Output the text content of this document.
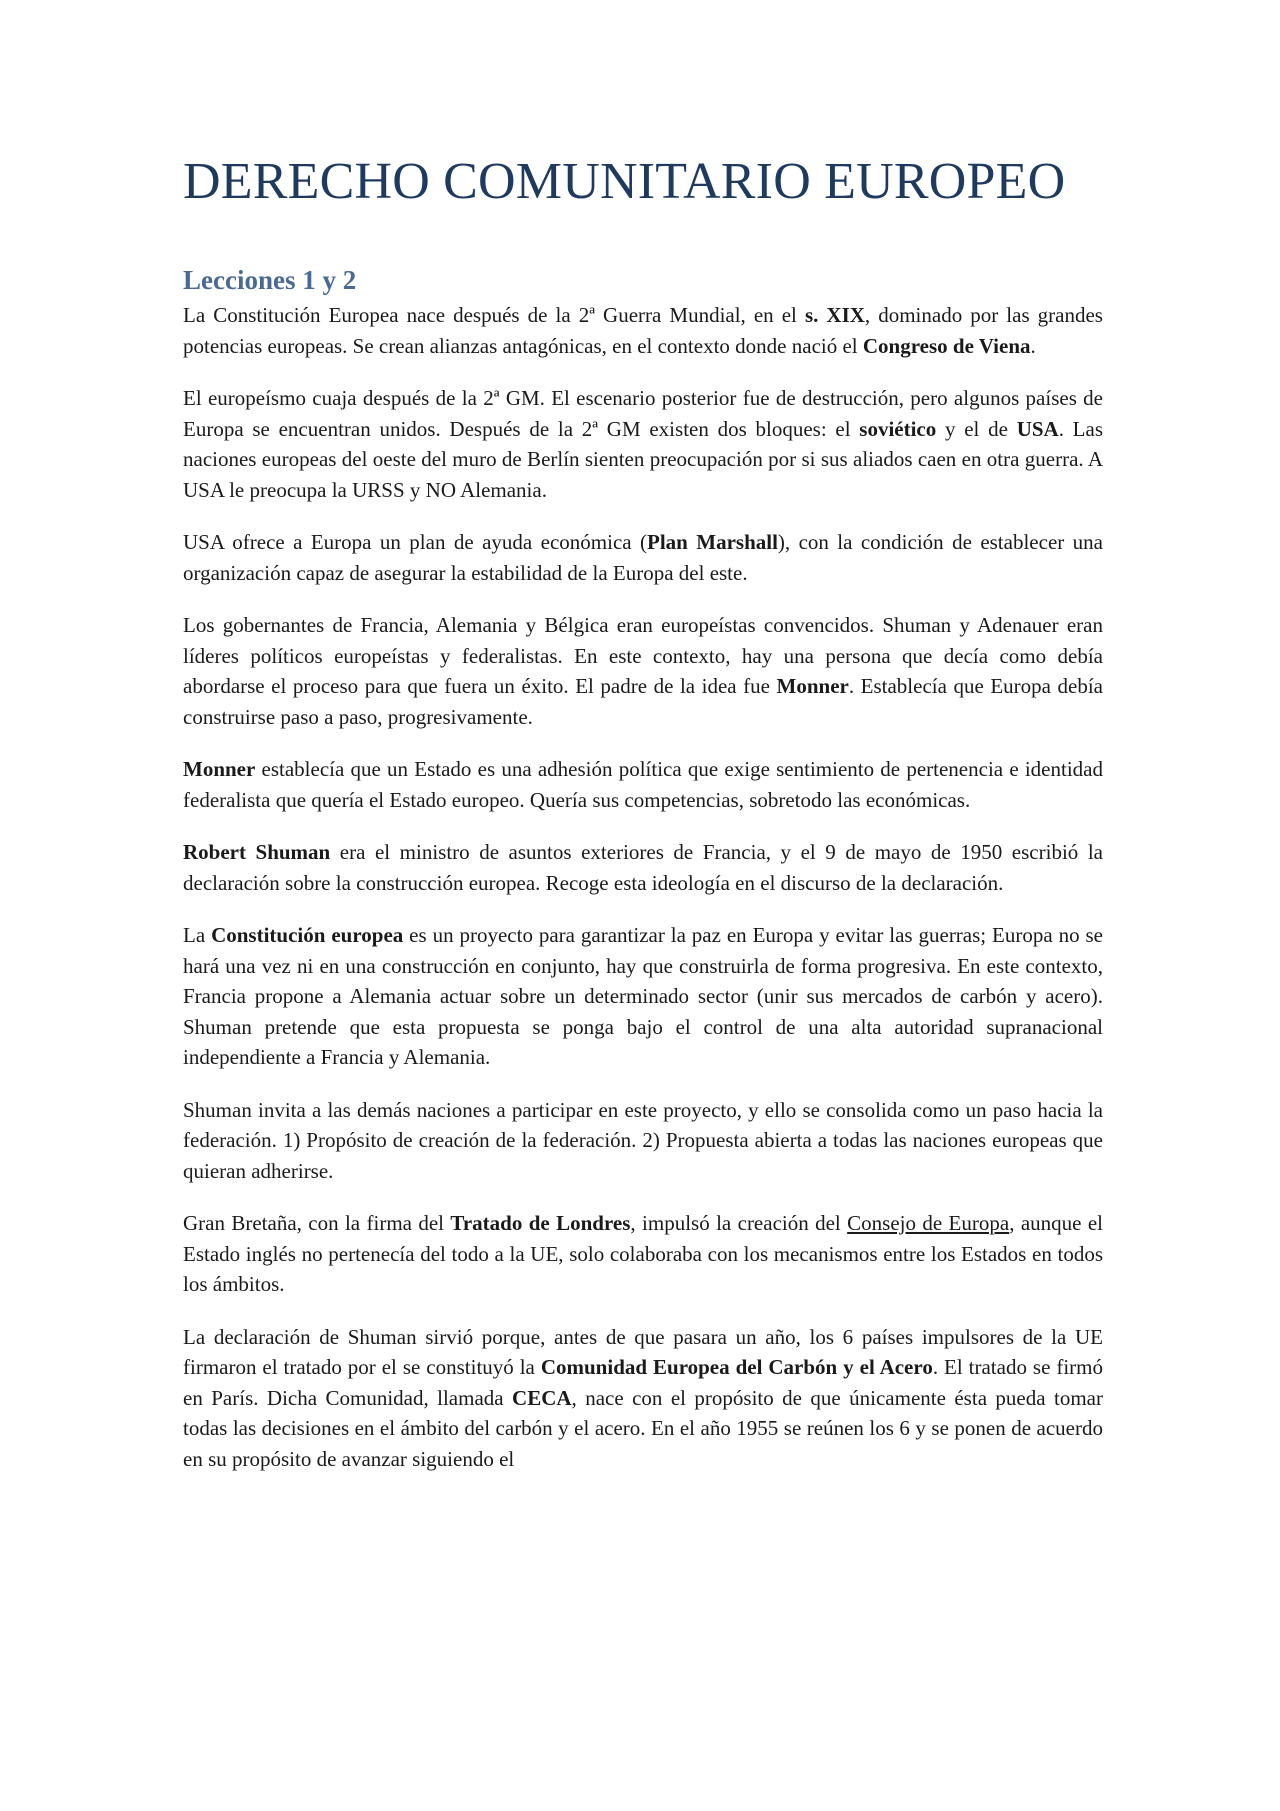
DERECHO COMUNITARIO EUROPEO
Lecciones 1 y 2

La Constitución Europea nace después de la 2ª Guerra Mundial, en el s. XIX, dominado por las grandes potencias europeas. Se crean alianzas antagónicas, en el contexto donde nació el Congreso de Viena.

El europeísmo cuaja después de la 2ª GM. El escenario posterior fue de destrucción, pero algunos países de Europa se encuentran unidos. Después de la 2ª GM existen dos bloques: el soviético y el de USA. Las naciones europeas del oeste del muro de Berlín sienten preocupación por si sus aliados caen en otra guerra. A USA le preocupa la URSS y NO Alemania.

USA ofrece a Europa un plan de ayuda económica (Plan Marshall), con la condición de establecer una organización capaz de asegurar la estabilidad de la Europa del este.

Los gobernantes de Francia, Alemania y Bélgica eran europeístas convencidos. Shuman y Adenauer eran líderes políticos europeístas y federalistas. En este contexto, hay una persona que decía como debía abordarse el proceso para que fuera un éxito. El padre de la idea fue Monner. Establecía que Europa debía construirse paso a paso, progresivamente.

Monner establecía que un Estado es una adhesión política que exige sentimiento de pertenencia e identidad federalista que quería el Estado europeo. Quería sus competencias, sobretodo las económicas.

Robert Shuman era el ministro de asuntos exteriores de Francia, y el 9 de mayo de 1950 escribió la declaración sobre la construcción europea. Recoge esta ideología en el discurso de la declaración.

La Constitución europea es un proyecto para garantizar la paz en Europa y evitar las guerras; Europa no se hará una vez ni en una construcción en conjunto, hay que construirla de forma progresiva. En este contexto, Francia propone a Alemania actuar sobre un determinado sector (unir sus mercados de carbón y acero). Shuman pretende que esta propuesta se ponga bajo el control de una alta autoridad supranacional independiente a Francia y Alemania.

Shuman invita a las demás naciones a participar en este proyecto, y ello se consolida como un paso hacia la federación. 1) Propósito de creación de la federación. 2) Propuesta abierta a todas las naciones europeas que quieran adherirse.

Gran Bretaña, con la firma del Tratado de Londres, impulsó la creación del Consejo de Europa, aunque el Estado inglés no pertenecía del todo a la UE, solo colaboraba con los mecanismos entre los Estados en todos los ámbitos.

La declaración de Shuman sirvió porque, antes de que pasara un año, los 6 países impulsores de la UE firmaron el tratado por el se constituyó la Comunidad Europea del Carbón y el Acero. El tratado se firmó en París. Dicha Comunidad, llamada CECA, nace con el propósito de que únicamente ésta pueda tomar todas las decisiones en el ámbito del carbón y el acero. En el año 1955 se reúnen los 6 y se ponen de acuerdo en su propósito de avanzar siguiendo el
